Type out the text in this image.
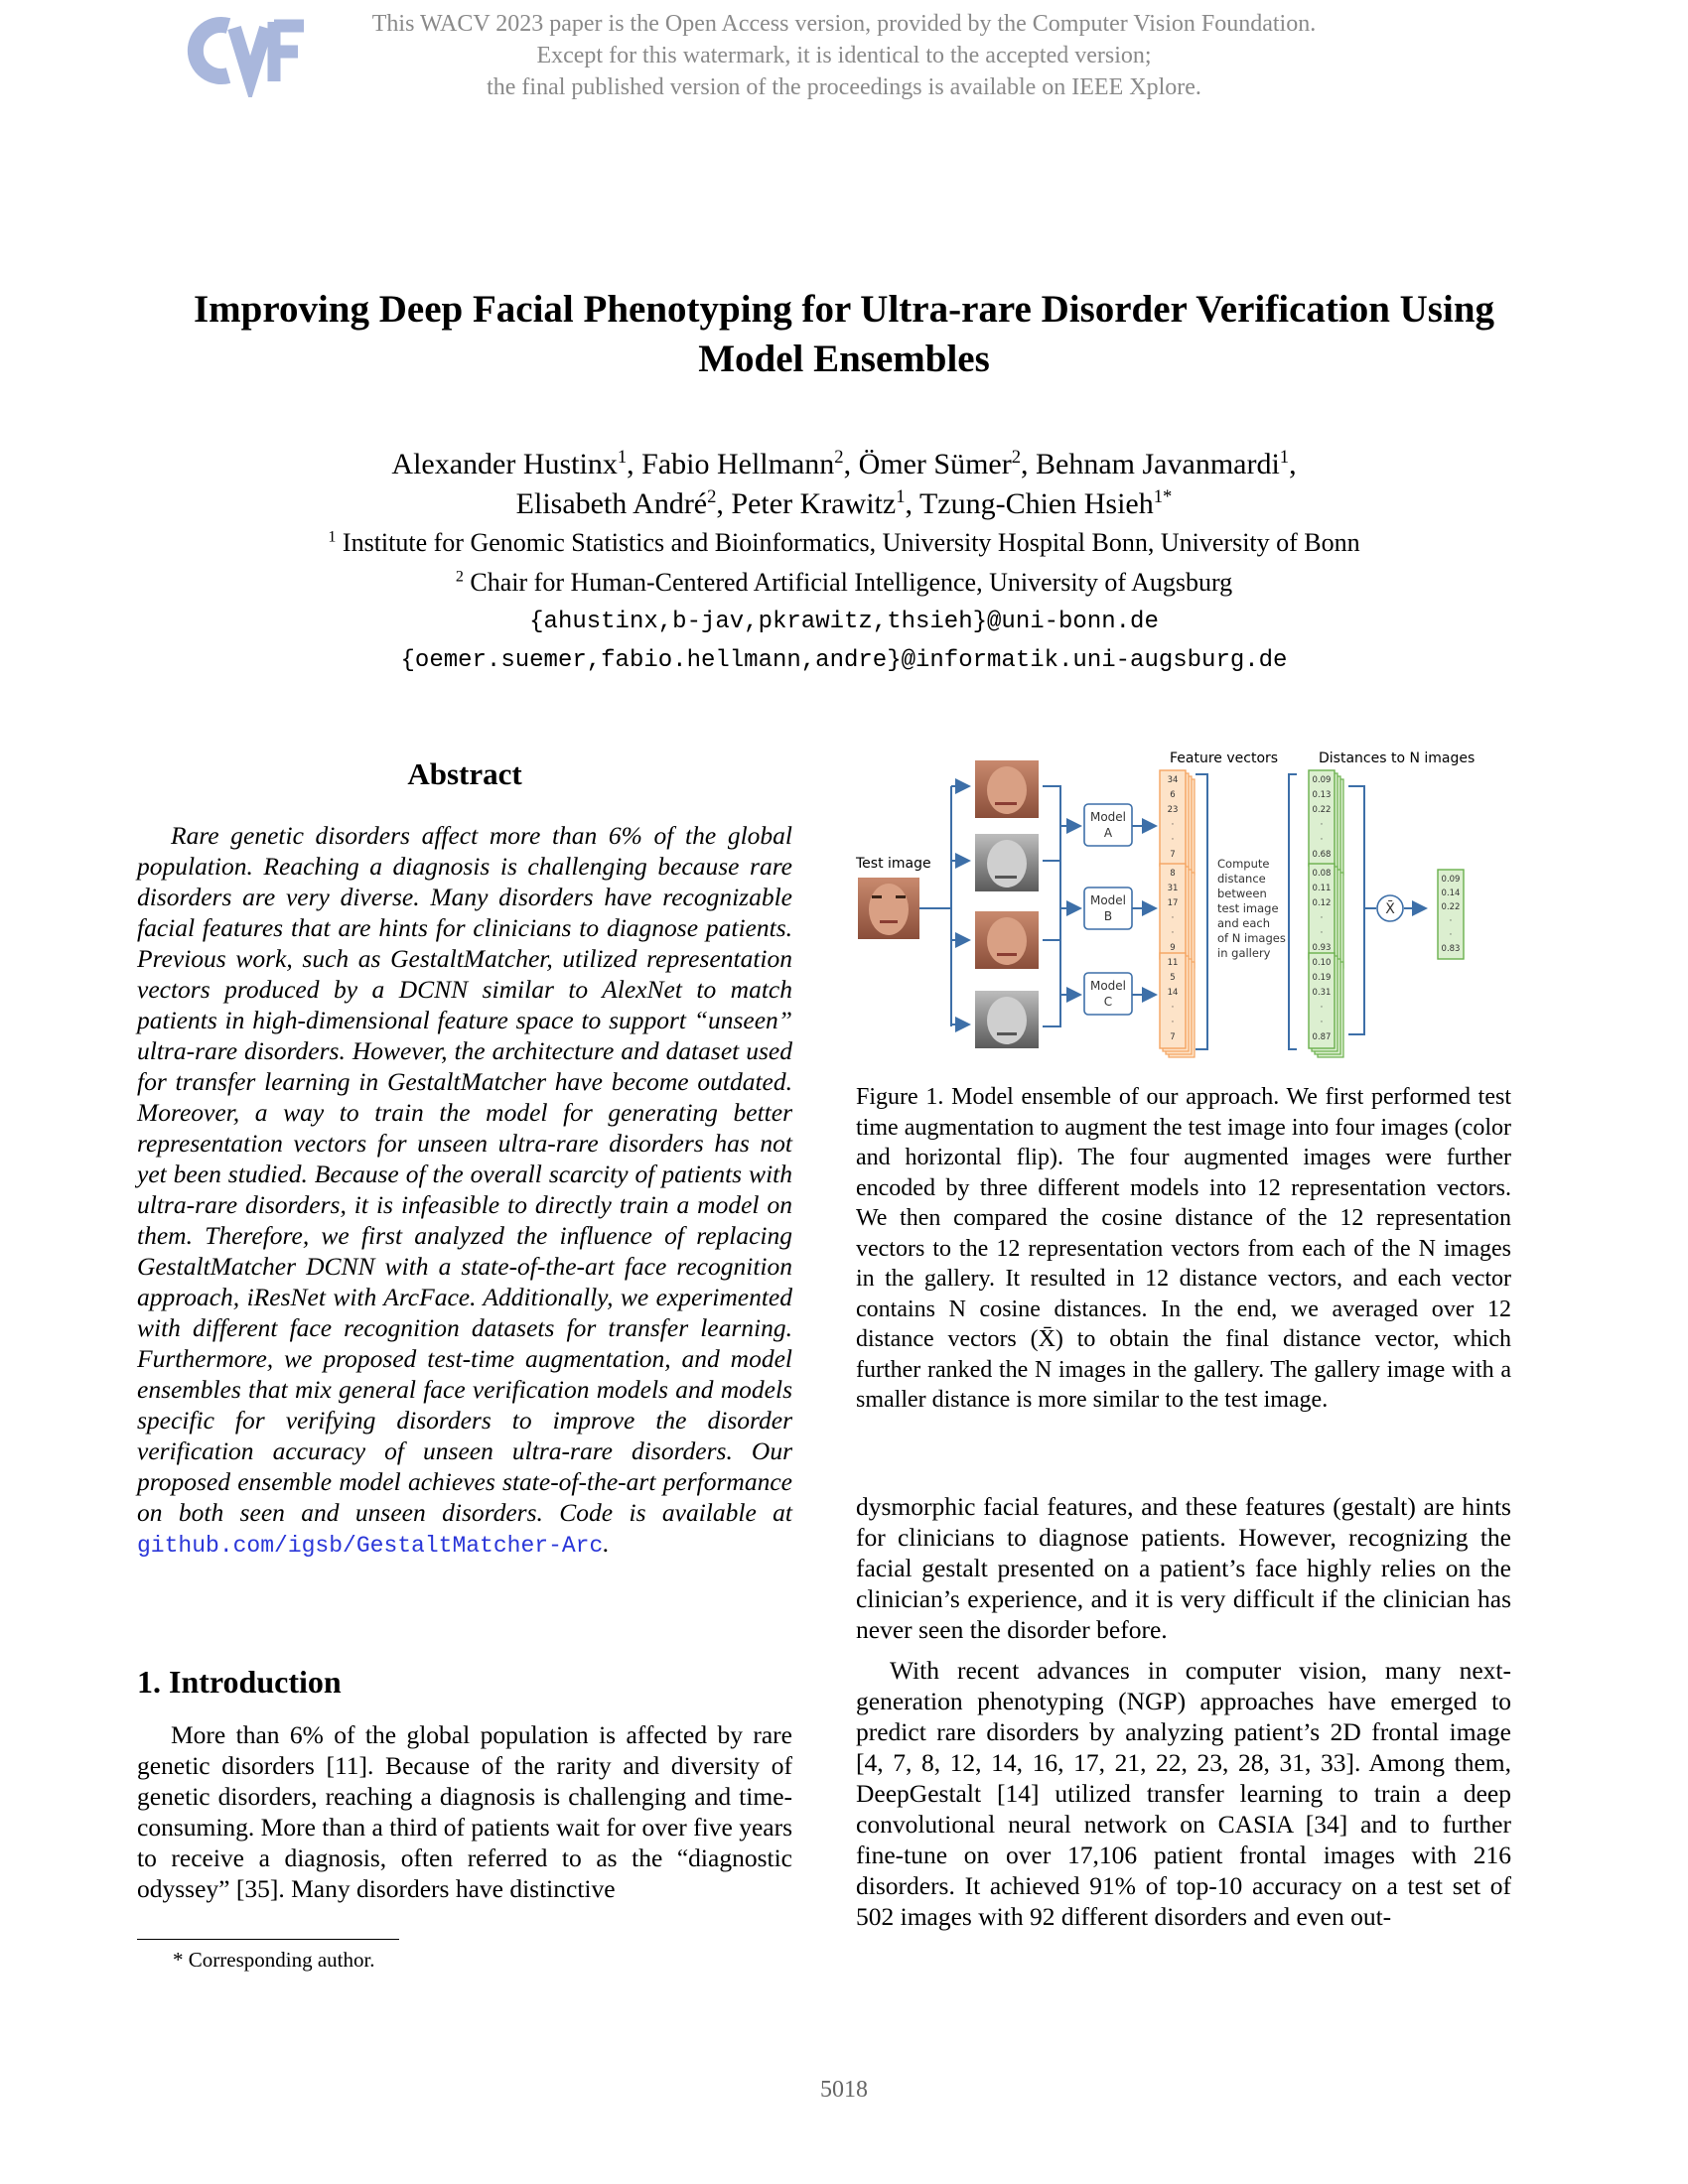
This WACV 2023 paper is the Open Access version, provided by the Computer Vision Foundation.
Except for this watermark, it is identical to the accepted version;
the final published version of the proceedings is available on IEEE Xplore.
Improving Deep Facial Phenotyping for Ultra-rare Disorder Verification Using
Model Ensembles
Alexander Hustinx$^1$, Fabio Hellmann$^2$, Ömer Sümer$^2$, Behnam Javanmardi$^1$,
Elisabeth André$^2$, Peter Krawitz$^1$, Tzung-Chien Hsieh$^{1*}$
$^1$ Institute for Genomic Statistics and Bioinformatics, University Hospital Bonn, University of Bonn
$^2$ Chair for Human-Centered Artificial Intelligence, University of Augsburg
{ahustinx,b-jav,pkrawitz,thsieh}@uni-bonn.de
{oemer.suemer,fabio.hellmann,andre}@informatik.uni-augsburg.de
Abstract

Rare genetic disorders affect more than 6% of the global population. Reaching a diagnosis is challenging because rare disorders are very diverse. Many disorders have recognizable facial features that are hints for clinicians to diagnose patients. Previous work, such as GestaltMatcher, utilized representation vectors produced by a DCNN similar to AlexNet to match patients in high-dimensional feature space to support “unseen” ultra-rare disorders. However, the architecture and dataset used for transfer learning in GestaltMatcher have become outdated. Moreover, a way to train the model for generating better representation vectors for unseen ultra-rare disorders has not yet been studied. Because of the overall scarcity of patients with ultra-rare disorders, it is infeasible to directly train a model on them. Therefore, we first analyzed the influence of replacing GestaltMatcher DCNN with a state-of-the-art face recognition approach, iResNet with ArcFace. Additionally, we experimented with different face recognition datasets for transfer learning. Furthermore, we proposed test-time augmentation, and model ensembles that mix general face verification models and models specific for verifying disorders to improve the disorder verification accuracy of unseen ultra-rare disorders. Our proposed ensemble model achieves state-of-the-art performance on both seen and unseen disorders. Code is available at github.com/igsb/GestaltMatcher-Arc.

1. Introduction

More than 6% of the global population is affected by rare genetic disorders [11]. Because of the rarity and diversity of genetic disorders, reaching a diagnosis is challenging and time-consuming. More than a third of patients wait for over five years to receive a diagnosis, often referred to as the “diagnostic odyssey” [35]. Many disorders have distinctive

* Corresponding author.
Feature vectors	Distances to N images
Test image
Model
A
Model
B
Model
C
34
6
23
·
·
7
8
31
17
·
·
9
11
5
14
·
·
7
0.09
0.13
0.22
·
·
0.68
0.08
0.11
0.12
·
·
0.93
0.10
0.19
0.31
·
·
0.87
Compute
distance
between
test image
and each
of N images
in gallery
X̄
0.09
0.14
0.22
·
·
0.83

Figure 1. Model ensemble of our approach. We first performed test time augmentation to augment the test image into four images (color and horizontal flip). The four augmented images were further encoded by three different models into 12 representation vectors. We then compared the cosine distance of the 12 representation vectors to the 12 representation vectors from each of the N images in the gallery. It resulted in 12 distance vectors, and each vector contains N cosine distances. In the end, we averaged over 12 distance vectors (X̄) to obtain the final distance vector, which further ranked the N images in the gallery. The gallery image with a smaller distance is more similar to the test image.

dysmorphic facial features, and these features (gestalt) are hints for clinicians to diagnose patients. However, recognizing the facial gestalt presented on a patient’s face highly relies on the clinician’s experience, and it is very difficult if the clinician has never seen the disorder before.

With recent advances in computer vision, many next-generation phenotyping (NGP) approaches have emerged to predict rare disorders by analyzing patient’s 2D frontal image [4, 7, 8, 12, 14, 16, 17, 21, 22, 23, 28, 31, 33]. Among them, DeepGestalt [14] utilized transfer learning to train a deep convolutional neural network on CASIA [34] and to further fine-tune on over 17,106 patient frontal images with 216 disorders. It achieved 91% of top-10 accuracy on a test set of 502 images with 92 different disorders and even out-

5018
